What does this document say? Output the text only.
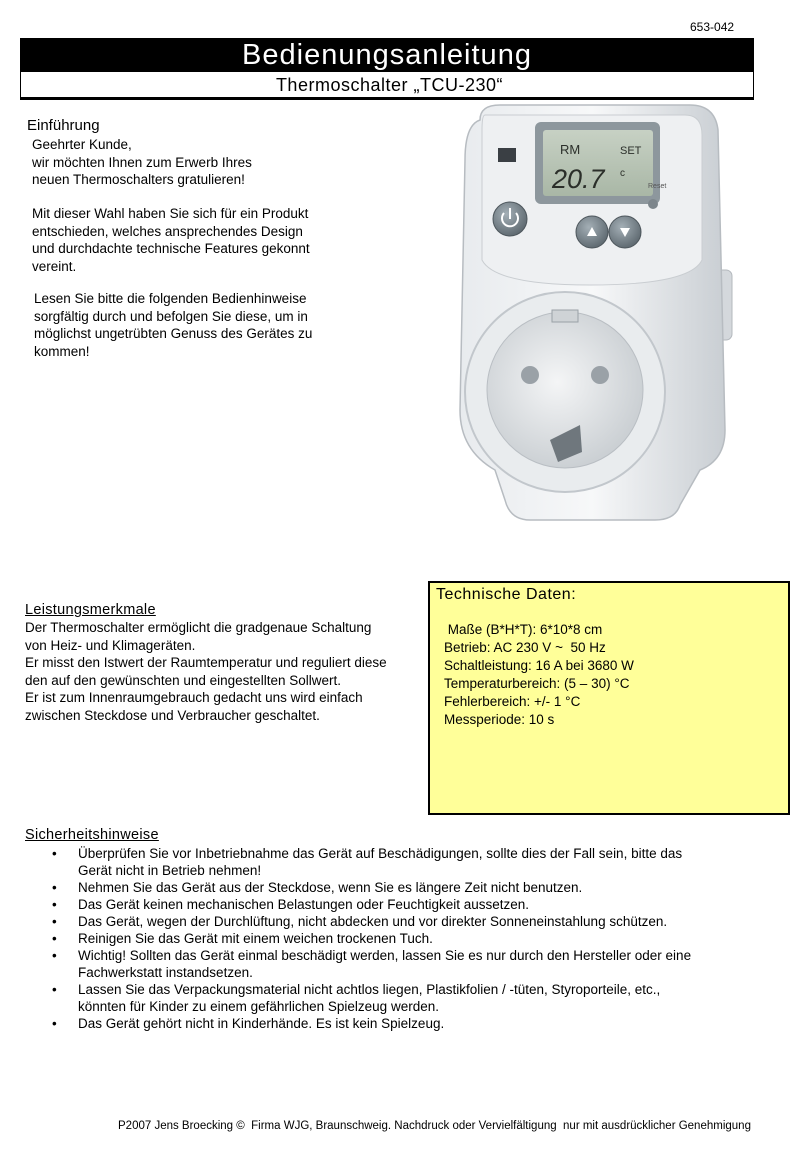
653-042
Bedienungsanleitung
Thermoschalter „TCU-230“
Einführung
Geehrter Kunde,
wir möchten Ihnen zum Erwerb Ihres
neuen Thermoschalters gratulieren!
Mit dieser Wahl haben Sie sich für ein Produkt
entschieden, welches ansprechendes Design
und durchdachte technische Features gekonnt
vereint.
Lesen Sie bitte die folgenden Bedienhinweise
sorgfältig durch und befolgen Sie diese, um in
möglichst ungetrübten Genuss des Gerätes zu
kommen!
RM	SET
20.7 c
Reset
Leistungsmerkmale
Der Thermoschalter ermöglicht die gradgenaue Schaltung
von Heiz- und Klimageräten.
Er misst den Istwert der Raumtemperatur und reguliert diese
den auf den gewünschten und eingestellten Sollwert.
Er ist zum Innenraumgebrauch gedacht uns wird einfach
zwischen Steckdose und Verbraucher geschaltet.
Technische Daten:
Maße (B*H*T): 6*10*8 cm
Betrieb: AC 230 V ~  50 Hz
Schaltleistung: 16 A bei 3680 W
Temperaturbereich: (5 – 30) °C
Fehlerbereich: +/- 1 °C
Messperiode: 10 s
Sicherheitshinweise
• Überprüfen Sie vor Inbetriebnahme das Gerät auf Beschädigungen, sollte dies der Fall sein, bitte das
Gerät nicht in Betrieb nehmen!
• Nehmen Sie das Gerät aus der Steckdose, wenn Sie es längere Zeit nicht benutzen.
• Das Gerät keinen mechanischen Belastungen oder Feuchtigkeit aussetzen.
• Das Gerät, wegen der Durchlüftung, nicht abdecken und vor direkter Sonneneinstahlung schützen.
• Reinigen Sie das Gerät mit einem weichen trockenen Tuch.
• Wichtig! Sollten das Gerät einmal beschädigt werden, lassen Sie es nur durch den Hersteller oder eine
Fachwerkstatt instandsetzen.
• Lassen Sie das Verpackungsmaterial nicht achtlos liegen, Plastikfolien / -tüten, Styroporteile, etc.,
könnten für Kinder zu einem gefährlichen Spielzeug werden.
• Das Gerät gehört nicht in Kinderhände. Es ist kein Spielzeug.
P2007 Jens Broecking ©  Firma WJG, Braunschweig. Nachdruck oder Vervielfältigung  nur mit ausdrücklicher Genehmigung
